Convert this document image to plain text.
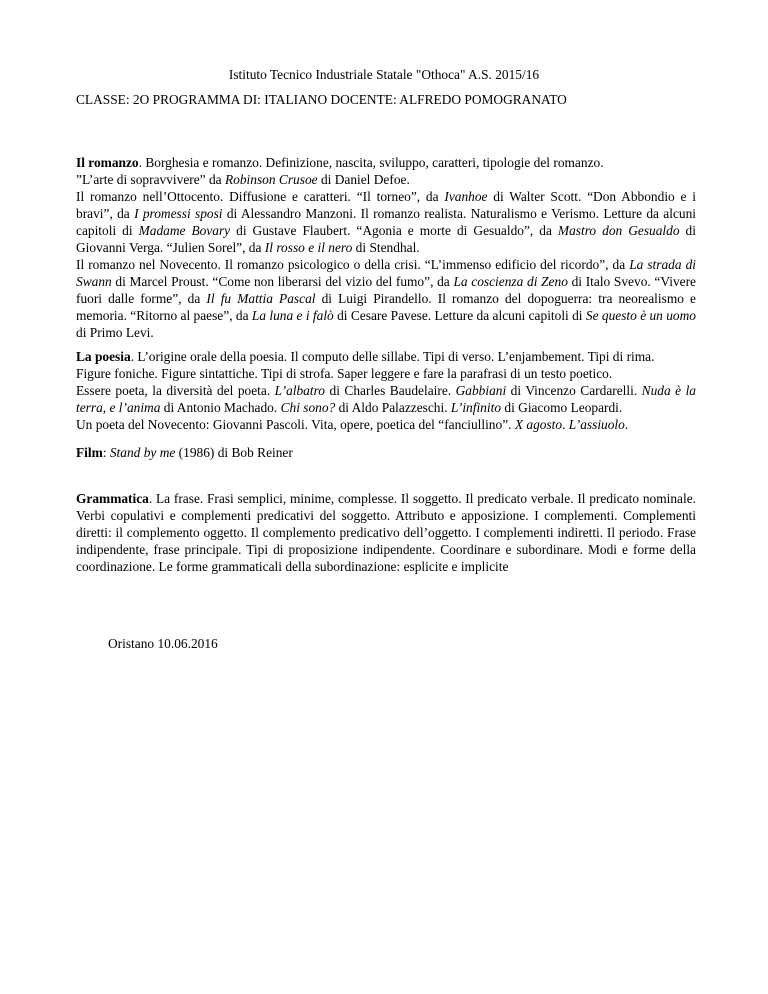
Istituto Tecnico Industriale Statale "Othoca" A.S. 2015/16
CLASSE: 2O PROGRAMMA DI: ITALIANO DOCENTE: ALFREDO POMOGRANATO

Il romanzo. Borghesia e romanzo. Definizione, nascita, sviluppo, caratteri, tipologie del romanzo.

”L’arte di sopravvivere” da Robinson Crusoe di Daniel Defoe.

Il romanzo nell’Ottocento. Diffusione e caratteri. “Il torneo”, da Ivanhoe di Walter Scott. “Don Abbondio e i bravi”, da I promessi sposi di Alessandro Manzoni. Il romanzo realista. Naturalismo e Verismo. Letture da alcuni capitoli di Madame Bovary di Gustave Flaubert. “Agonia e morte di Gesualdo”, da Mastro don Gesualdo di Giovanni Verga. “Julien Sorel”, da Il rosso e il nero di Stendhal.

Il romanzo nel Novecento. Il romanzo psicologico o della crisi. “L’immenso edificio del ricordo”, da La strada di Swann di Marcel Proust. “Come non liberarsi del vizio del fumo”, da La coscienza di Zeno di Italo Svevo. “Vivere fuori dalle forme”, da Il fu Mattia Pascal di Luigi Pirandello. Il romanzo del dopoguerra: tra neorealismo e memoria. “Ritorno al paese”, da La luna e i falò di Cesare Pavese. Letture da alcuni capitoli di Se questo è un uomo di Primo Levi.

La poesia. L’origine orale della poesia. Il computo delle sillabe. Tipi di verso. L’enjambement. Tipi di rima.

Figure foniche. Figure sintattiche. Tipi di strofa. Saper leggere e fare la parafrasi di un testo poetico.

Essere poeta, la diversità del poeta. L’albatro di Charles Baudelaire. Gabbiani di Vincenzo Cardarelli. Nuda è la terra, e l’anima di Antonio Machado. Chi sono? di Aldo Palazzeschi. L’infinito di Giacomo Leopardi.

Un poeta del Novecento: Giovanni Pascoli. Vita, opere, poetica del “fanciullino”. X agosto. L’assiuolo.

Film: Stand by me (1986) di Bob Reiner

Grammatica. La frase. Frasi semplici, minime, complesse. Il soggetto. Il predicato verbale. Il predicato nominale. Verbi copulativi e complementi predicativi del soggetto. Attributo e apposizione. I complementi. Complementi diretti: il complemento oggetto. Il complemento predicativo dell’oggetto. I complementi indiretti. Il periodo. Frase indipendente, frase principale. Tipi di proposizione indipendente. Coordinare e subordinare. Modi e forme della coordinazione. Le forme grammaticali della subordinazione: esplicite e implicite

Oristano 10.06.2016
